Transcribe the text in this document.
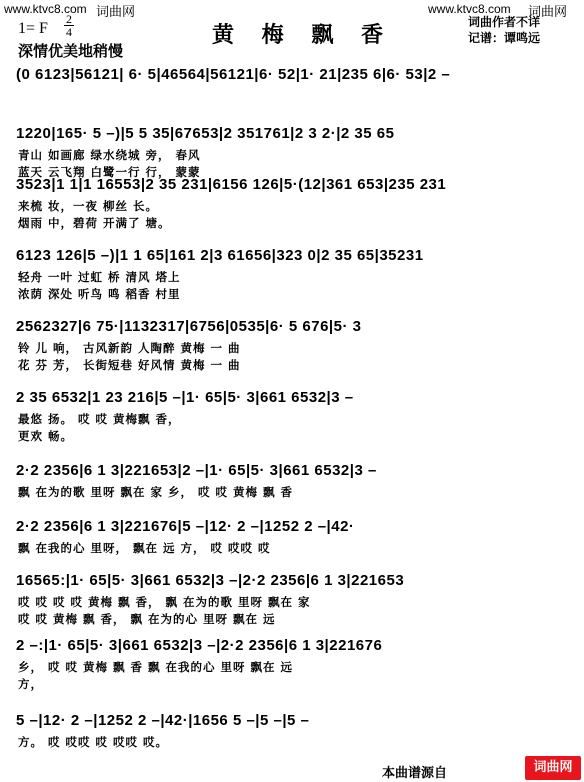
www.ktvc8.com 词曲网	www.ktvc8.com 词曲网
黄 梅 飘 香
1= F
2
4
深情优美地稍慢
词曲作者不详
记谱：谭鸣远
(0 6123|56121| 6· 5|46564|56121|6· 52|1· 21|235 6|6· 53|2 –
1220|165· 5 –)|5 5 35|67653|2 351761|2 3 2·|2 35 65
青山 如画廊 绿水绕城 旁， 春风
蓝天 云飞翔 白鹭一行 行， 蒙蒙
3523|1 1|1 16553|2 35 231|6156 126|5·(12|361 653|235 231
来梳 妆，一夜 柳丝 长。
烟雨 中，碧荷 开满了 塘。
6123 126|5 –)|1 1 65|161 2|3 61656|323 0|2 35 65|35231
轻舟 一叶 过虹 桥 清风 塔上
浓荫 深处 听鸟 鸣 稻香 村里
2562327|6 75·|1132317|6756|0535|6· 5 676|5· 3
铃 儿 响， 古风新韵 人陶醉 黄梅 一 曲
花 芬 芳， 长街短巷 好风情 黄梅 一 曲
2 35 6532|1 23 216|5 –|1· 65|5· 3|661 6532|3 –
最悠 扬。 哎 哎 黄梅飘 香，
更欢 畅。
2·2 2356|6 1 3|221653|2 –|1· 65|5· 3|661 6532|3 –
飘 在为的歌 里呀 飘在 家 乡， 哎 哎 黄梅 飘 香
2·2 2356|6 1 3|221676|5 –|12· 2 –|1252 2 –|42·
飘 在我的心 里呀， 飘在 远 方， 哎 哎哎 哎
16565:|1· 65|5· 3|661 6532|3 –|2·2 2356|6 1 3|221653
哎 哎 哎 哎 黄梅 飘 香， 飘 在为的歌 里呀 飘在 家
哎 哎 黄梅 飘 香， 飘 在为的心 里呀 飘在 远
2 –:|1· 65|5· 3|661 6532|3 –|2·2 2356|6 1 3|221676
乡， 哎 哎 黄梅 飘 香 飘 在我的心 里呀 飘在 远
方，
5 –|12· 2 –|1252 2 –|42·|1656 5 –|5 –|5 –
方。 哎 哎哎 哎 哎哎 哎。
本曲谱源自	词曲网
